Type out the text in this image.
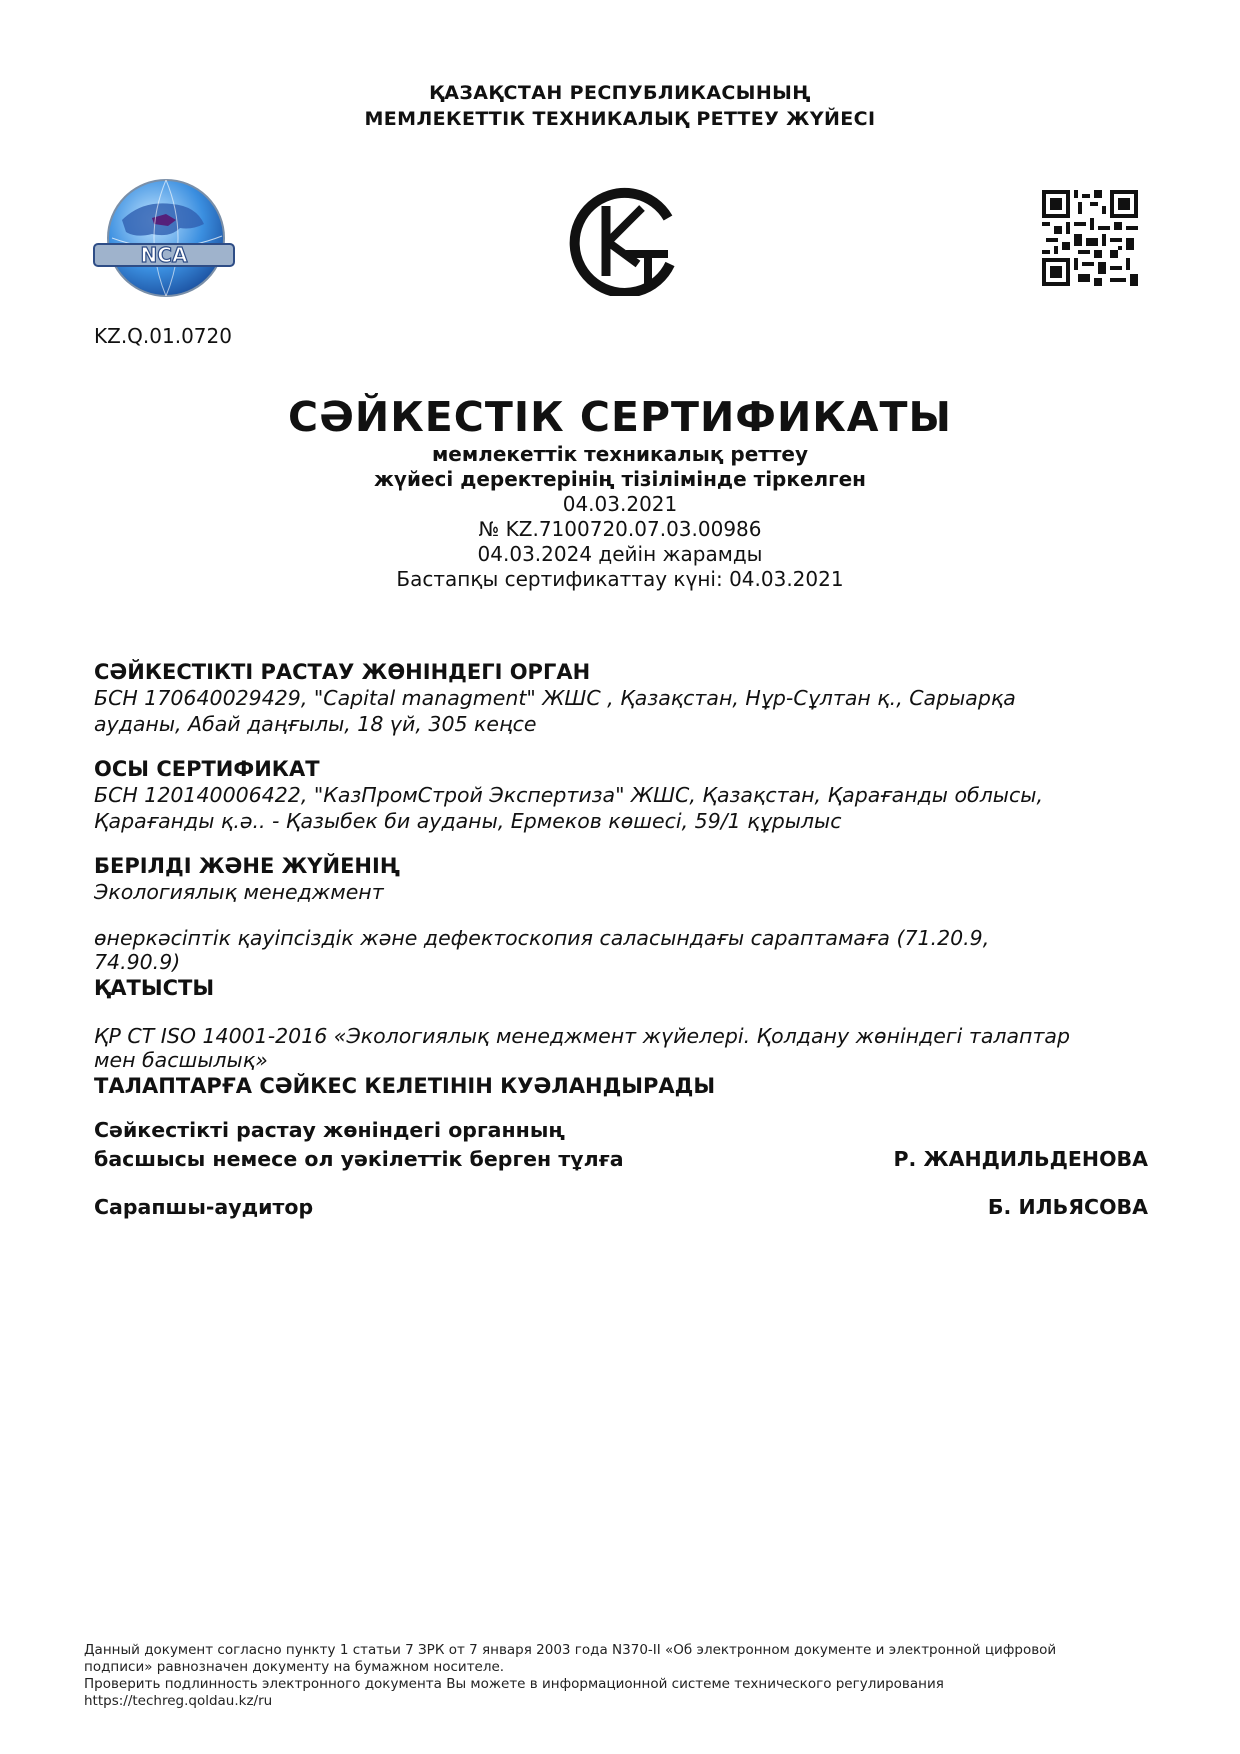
ҚАЗАҚСТАН РЕСПУБЛИКАСЫНЫҢ
МЕМЛЕКЕТТІК ТЕХНИКАЛЫҚ РЕТТЕУ ЖҮЙЕСІ
NCA
KZ.Q.01.0720
СӘЙКЕСТІК СЕРТИФИКАТЫ
мемлекеттік техникалық реттеу
жүйесі деректерінің тізілімінде тіркелген
04.03.2021
№ KZ.7100720.07.03.00986
04.03.2024 дейін жарамды
Бастапқы сертификаттау күні: 04.03.2021
СӘЙКЕСТІКТІ РАСТАУ ЖӨНІНДЕГІ ОРГАН
БСН 170640029429, "Capital managment" ЖШС , Қазақстан, Нұр-Сұлтан қ., Сарыарқа
ауданы, Абай даңғылы, 18 үй, 305 кеңсе
ОСЫ СЕРТИФИКАТ
БСН 120140006422, "КазПромСтрой Экспертиза" ЖШС, Қазақстан, Қарағанды облысы,
Қарағанды қ.ә.. - Қазыбек би ауданы, Ермеков көшесі, 59/1 құрылыс
БЕРІЛДІ ЖӘНЕ ЖҮЙЕНІҢ
Экологиялық менеджмент
өнеркәсіптік қауіпсіздік және дефектоскопия саласындағы сараптамаға (71.20.9,
74.90.9)
ҚАТЫСТЫ
ҚР СТ ISO 14001-2016 «Экологиялық менеджмент жүйелері. Қолдану жөніндегі талаптар
мен басшылық»
ТАЛАПТАРҒА СӘЙКЕС КЕЛЕТІНІН КУӘЛАНДЫРАДЫ
Сәйкестікті растау жөніндегі органның
басшысы немесе ол уәкілеттік берген тұлға	Р. ЖАНДИЛЬДЕНОВА
Сарапшы-аудитор	Б. ИЛЬЯСОВА
Данный документ согласно пункту 1 статьи 7 ЗРК от 7 января 2003 года N370-II «Об электронном документе и электронной цифровой
подписи» равнозначен документу на бумажном носителе.
Проверить подлинность электронного документа Вы можете в информационной системе технического регулирования
https://techreg.qoldau.kz/ru
